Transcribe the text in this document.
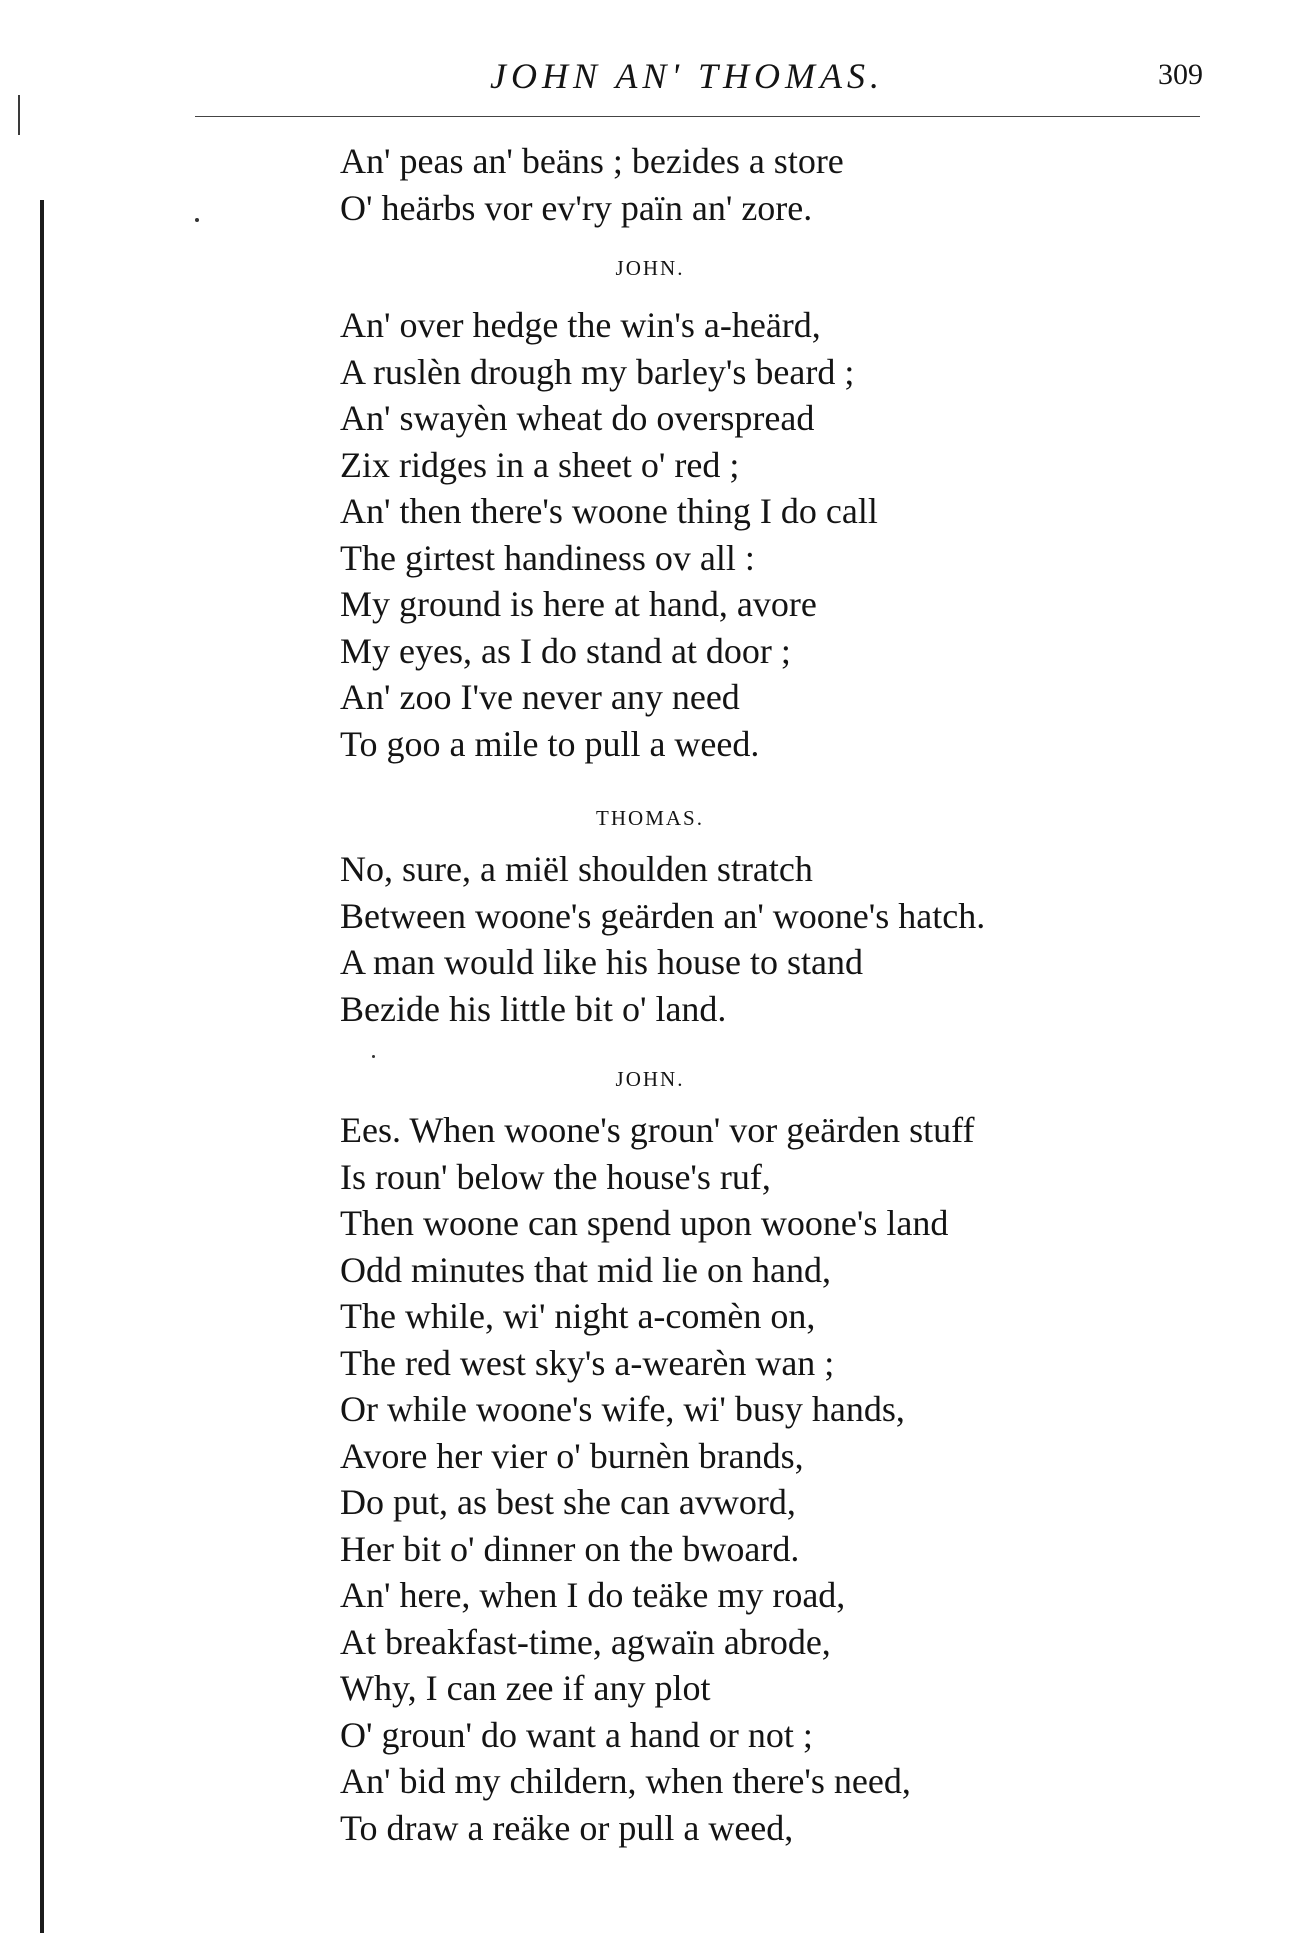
JOHN AN' THOMAS.	309

An' peas an' beäns ; bezides a store

O' heärbs vor ev'ry païn an' zore.

JOHN.

An' over hedge the win's a-heärd,

A ruslèn drough my barley's beard ;

An' swayèn wheat do overspread

Zix ridges in a sheet o' red ;

An' then there's woone thing I do call

The girtest handiness ov all :

My ground is here at hand, avore

My eyes, as I do stand at door ;

An' zoo I've never any need

To goo a mile to pull a weed.

THOMAS.

No, sure, a miël shoulden stratch

Between woone's geärden an' woone's hatch.

A man would like his house to stand

Bezide his little bit o' land.

JOHN.

Ees. When woone's groun' vor geärden stuff

Is roun' below the house's ruf,

Then woone can spend upon woone's land

Odd minutes that mid lie on hand,

The while, wi' night a-comèn on,

The red west sky's a-wearèn wan ;

Or while woone's wife, wi' busy hands,

Avore her vier o' burnèn brands,

Do put, as best she can avword,

Her bit o' dinner on the bwoard.

An' here, when I do teäke my road,

At breakfast-time, agwaïn abrode,

Why, I can zee if any plot

O' groun' do want a hand or not ;

An' bid my childern, when there's need,

To draw a reäke or pull a weed,
